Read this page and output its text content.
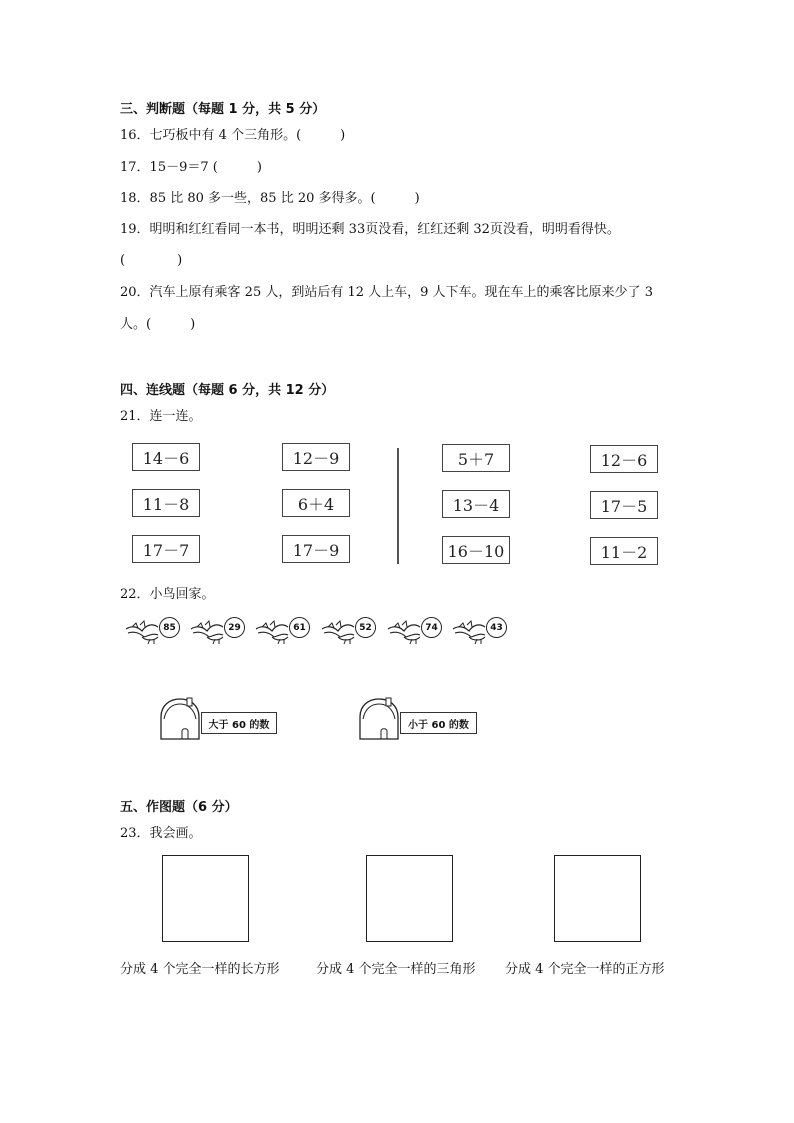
三、判断题（每题 1 分，共 5 分）
16．七巧板中有 4 个三角形。(　　　)
17．15－9＝7 (　　　)
18．85 比 80 多一些，85 比 20 多得多。(　　　)
19．明明和红红看同一本书，明明还剩 33页没看，红红还剩 32页没看，明明看得快。
(　　　　)
20．汽车上原有乘客 25 人，到站后有 12 人上车，9 人下车。现在车上的乘客比原来少了 3
人。(　　　)
四、连线题（每题 6 分，共 12 分）
21．连一连。
14－6
11－8
17－7
12－9
6＋4
17－9
5＋7
13－4
16－10
12－6
17－5
11－2
22．小鸟回家。
85	29	61	52	74	43
大于 60 的数	小于 60 的数
五、作图题（6 分）
23．我会画。
分成 4 个完全一样的长方形	分成 4 个完全一样的三角形 分成 4 个完全一样的正方形
